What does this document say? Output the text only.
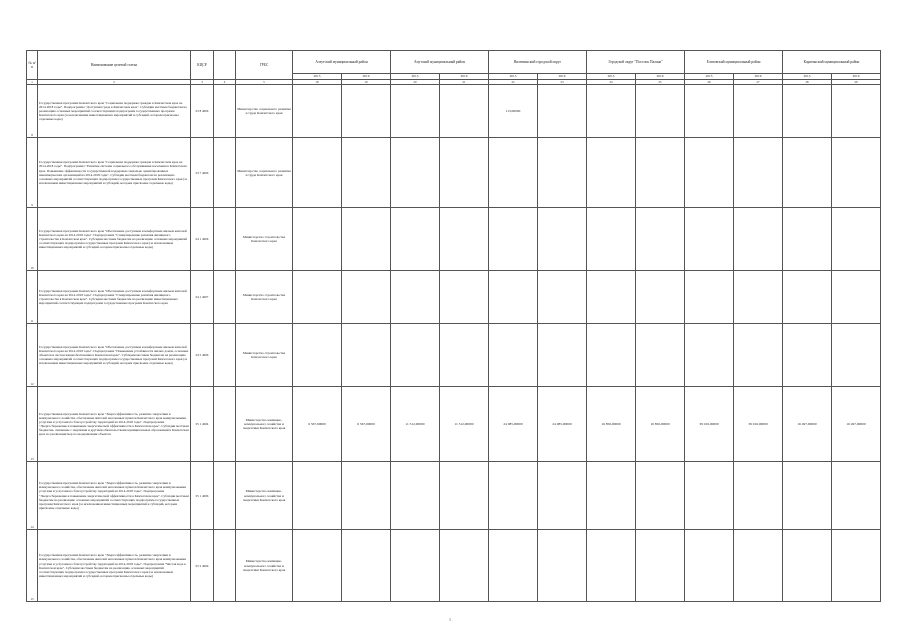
№ п/п	Наименование целевой статьи	КЦСР		ГРБС	Алеутский муниципальный район		Апутский муниципальный район		Вилючинский городской округ		Городской округ "Поселок Палана"		Елизовский муниципальный район		Карагинский муниципальный район	
					2015	2016	2015	2016	2015	2016	2015	2016	2015	2016	2015	2016
1	2	3	4	5	18	19	20	21	22	23	24	25	26	27	28	29
8	Государственная программа Камчатского края "Социальная поддержка граждан в Камчатском крае на 2014-2018 годы". Подпрограмма "Доступная среда в Камчатском крае". Субсидии местным бюджетам на реализацию основных мероприятий соответствующих подпрограмм государственных программ Камчатского края (за исключением инвестиционных мероприятий и субсидий, которым присвоены отдельные коды)	03 8 4006		Министерство социального развития и труда Камчатского края					113,00000							
9	Государственная программа Камчатского края "Социальная поддержка граждан в Камчатском крае на 2014-2018 годы". Подпрограмма "Развитие системы социального обслуживания населения в Камчатском крае. Повышение эффективности государственной поддержки социально ориентированных некоммерческих организаций на 2014-2018 годы". Субсидии местным бюджетам на реализацию основных мероприятий соответствующих подпрограмм государственных программ Камчатского края (за исключением инвестиционных мероприятий и субсидий, которым присвоены отдельные коды)	03 7 4006		Министерство социального развития и труда Камчатского края												
10	Государственная программа Камчатского края "Обеспечение доступным и комфортным жильем жителей Камчатского края на 2014-2018 годы". Подпрограмма "Стимулирование развития жилищного строительства в Камчатском крае". Субсидии местным бюджетам на реализацию основных мероприятий соответствующих подпрограмм государственных программ Камчатского края (за исключением инвестиционных мероприятий и субсидий, которым присвоены отдельные коды)	04 1 4006		Министерство строительства Камчатского края												
11	Государственная программа Камчатского края "Обеспечение доступным и комфортным жильем жителей Камчатского края на 2014-2018 годы". Подпрограмма "Стимулирование развития жилищного строительства в Камчатском крае". Субсидии местным бюджетам на реализацию инвестиционных мероприятий соответствующих подпрограмм государственных программ Камчатского края	04 1 4007		Министерство строительства Камчатского края												
12	Государственная программа Камчатского края "Обеспечение доступным и комфортным жильем жителей Камчатского края на 2014-2018 годы". Подпрограмма "Повышение устойчивости жилых домов, основных объектов и систем жизнеобеспечения в Камчатском крае". Субсидии местным бюджетам на реализацию основных мероприятий соответствующих подпрограмм государственных программ Камчатского края (за исключением инвестиционных мероприятий и субсидий, которым присвоены отдельные коды)	04 5 4006		Министерство строительства Камчатского края												
13	Государственная программа Камчатского края "Энергоэффективность, развитие энергетики и коммунального хозяйства, обеспечение жителей населенных пунктов Камчатского края коммунальными услугами и услугами по благоустройству территорий на 2014-2018 годы". Подпрограмма "Энергосбережение и повышение энергетической эффективности в Камчатском крае". Субсидии местным бюджетам, связанные с закупками и другими обязательствами муниципальных образований в Камчатском крае по реализации мер по модернизации объектов	05 1 4004		Министерство жилищно-коммунального хозяйства и энергетики Камчатского края	6 567,00000	6 567,00000	11 312,00000	11 312,00000	24 085,00000	24 085,00000	16 856,00000	16 856,00000	39 016,00000	39 016,00000	16 497,00000	16 497,00000
14	Государственная программа Камчатского края "Энергоэффективность, развитие энергетики и коммунального хозяйства, обеспечение жителей населенных пунктов Камчатского края коммунальными услугами и услугами по благоустройству территорий на 2014-2018 годы". Подпрограмма "Энергосбережение и повышение энергетической эффективности в Камчатском крае". Субсидии местным бюджетам на реализацию основных мероприятий соответствующих подпрограмм государственных программ Камчатского края (за исключением инвестиционных мероприятий и субсидий, которым присвоены отдельные коды)	05 1 4006		Министерство жилищно-коммунального хозяйства и энергетики Камчатского края												
15	Государственная программа Камчатского края "Энергоэффективность, развитие энергетики и коммунального хозяйства, обеспечение жителей населенных пунктов Камчатского края коммунальными услугами и услугами по благоустройству территорий на 2014-2018 годы". Подпрограмма "Чистая вода в Камчатском крае". Субсидии местным бюджетам на реализацию основных мероприятий соответствующих подпрограмм государственных программ Камчатского края (за исключением инвестиционных мероприятий и субсидий, которым присвоены отдельные коды)	05 2 4006		Министерство жилищно-коммунального хозяйства и энергетики Камчатского края												
1
